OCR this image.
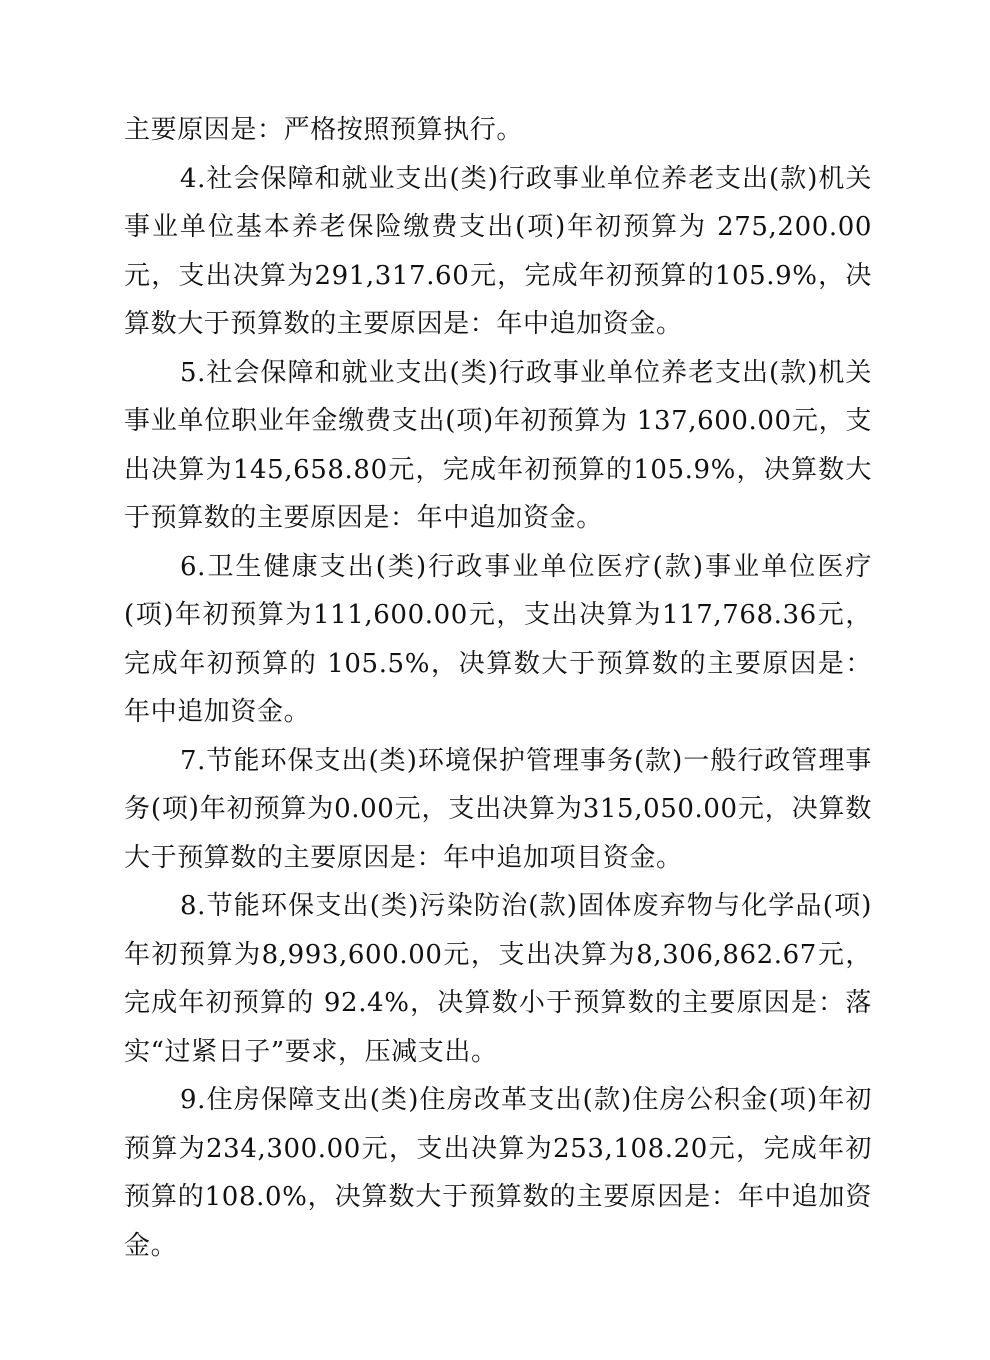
主要原因是：严格按照预算执行。

4.社会保障和就业支出(类)行政事业单位养老支出(款)机关事业单位基本养老保险缴费支出(项)年初预算为 275,200.00元，支出决算为291,317.60元，完成年初预算的105.9%，决算数大于预算数的主要原因是：年中追加资金。

5.社会保障和就业支出(类)行政事业单位养老支出(款)机关事业单位职业年金缴费支出(项)年初预算为 137,600.00元，支出决算为145,658.80元，完成年初预算的105.9%，决算数大于预算数的主要原因是：年中追加资金。

6.卫生健康支出(类)行政事业单位医疗(款)事业单位医疗(项)年初预算为111,600.00元，支出决算为117,768.36元，完成年初预算的 105.5%，决算数大于预算数的主要原因是：年中追加资金。

7.节能环保支出(类)环境保护管理事务(款)一般行政管理事务(项)年初预算为0.00元，支出决算为315,050.00元，决算数大于预算数的主要原因是：年中追加项目资金。

8.节能环保支出(类)污染防治(款)固体废弃物与化学品(项)年初预算为8,993,600.00元，支出决算为8,306,862.67元，完成年初预算的 92.4%，决算数小于预算数的主要原因是：落实“过紧日子”要求，压减支出。

9.住房保障支出(类)住房改革支出(款)住房公积金(项)年初预算为234,300.00元，支出决算为253,108.20元，完成年初预算的108.0%，决算数大于预算数的主要原因是：年中追加资金。
